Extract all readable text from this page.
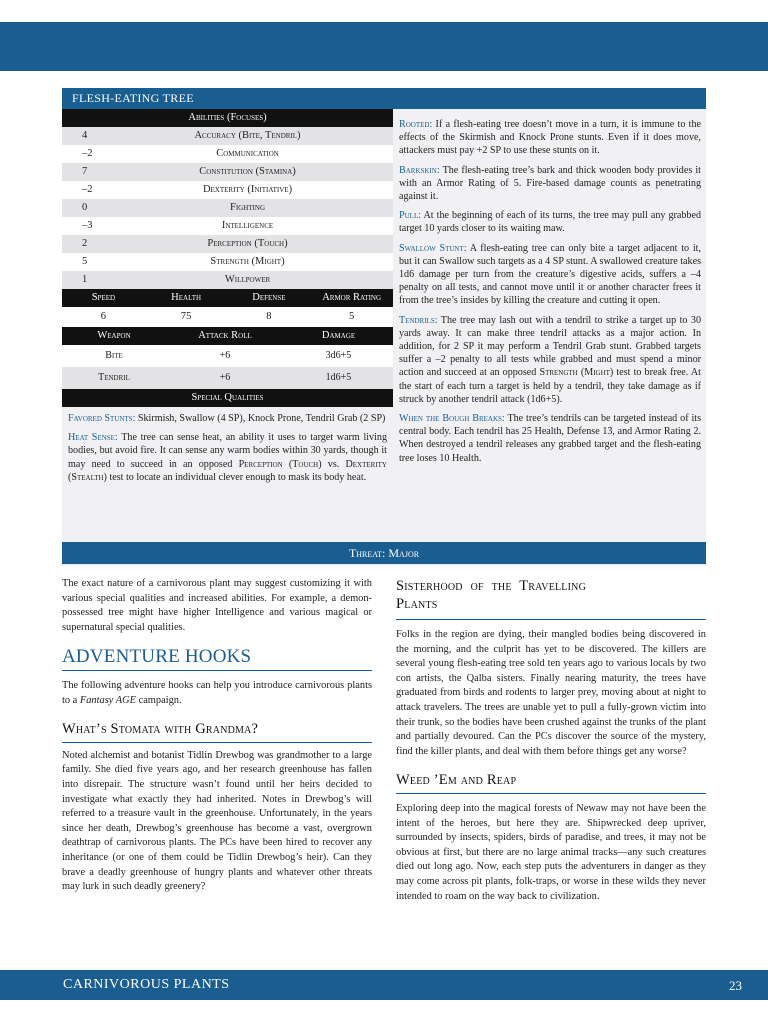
FLESH-EATING TREE
Abilities (Focuses)
4	Accuracy (Bite, Tendril)
–2	Communication
7	Constitution (Stamina)
–2	Dexterity (Initiative)
0	Fighting
–3	Intelligence
2	Perception (Touch)
5	Strength (Might)
1	Willpower
Speed	Health	Defense	Armor Rating
6	75	8	5
Weapon	Attack Roll	Damage
Bite	+6	3d6+5
Tendril	+6	1d6+5
Special Qualities

Favored Stunts: Skirmish, Swallow (4 SP), Knock Prone, Tendril Grab (2 SP)

Heat Sense: The tree can sense heat, an ability it uses to target warm living bodies, but avoid fire. It can sense any warm bodies within 30 yards, though it may need to succeed in an opposed Perception (Touch) vs. Dexterity (Stealth) test to locate an individual clever enough to mask its body heat.

Rooted: If a flesh-eating tree doesn’t move in a turn, it is immune to the effects of the Skirmish and Knock Prone stunts. Even if it does move, attackers must pay +2 SP to use these stunts on it.

Barkskin: The flesh-eating tree’s bark and thick wooden body provides it with an Armor Rating of 5. Fire-based damage counts as penetrating against it.

Pull: At the beginning of each of its turns, the tree may pull any grabbed target 10 yards closer to its waiting maw.

Swallow Stunt: A flesh-eating tree can only bite a target adjacent to it, but it can Swallow such targets as a 4 SP stunt. A swallowed creature takes 1d6 damage per turn from the creature’s digestive acids, suffers a –4 penalty on all tests, and cannot move until it or another character frees it from the tree’s insides by killing the creature and cutting it open.

Tendrils: The tree may lash out with a tendril to strike a target up to 30 yards away. It can make three tendril attacks as a major action. In addition, for 2 SP it may perform a Tendril Grab stunt. Grabbed targets suffer a –2 penalty to all tests while grabbed and must spend a minor action and succeed at an opposed Strength (Might) test to break free. At the start of each turn a target is held by a tendril, they take damage as if struck by another tendril attack (1d6+5).

When the Bough Breaks: The tree’s tendrils can be targeted instead of its central body. Each tendril has 25 Health, Defense 13, and Armor Rating 2. When destroyed a tendril releases any grabbed target and the flesh-eating tree loses 10 Health.

Threat: Major

The exact nature of a carnivorous plant may suggest customizing it with various special qualities and increased abilities. For example, a demon-possessed tree might have higher Intelligence and various magical or supernatural special qualities.

ADVENTURE HOOKS

The following adventure hooks can help you introduce carnivorous plants to a Fantasy AGE campaign.

What’s Stomata with Grandma?

Noted alchemist and botanist Tidlin Drewbog was grandmother to a large family. She died five years ago, and her research greenhouse has fallen into disrepair. The structure wasn’t found until her heirs decided to investigate what exactly they had inherited. Notes in Drewbog’s will referred to a treasure vault in the greenhouse. Unfortunately, in the years since her death, Drewbog’s greenhouse has become a vast, overgrown deathtrap of carnivorous plants. The PCs have been hired to recover any inheritance (or one of them could be Tidlin Drewbog’s heir). Can they brave a deadly greenhouse of hungry plants and whatever other threats may lurk in such deadly greenery?

Sisterhood of the Travelling Plants

Folks in the region are dying, their mangled bodies being discovered in the morning, and the culprit has yet to be discovered. The killers are several young flesh-eating tree sold ten years ago to various locals by two con artists, the Qalba sisters. Finally nearing maturity, the trees have graduated from birds and rodents to larger prey, moving about at night to attack travelers. The trees are unable yet to pull a fully-grown victim into their trunk, so the bodies have been crushed against the trunks of the plant and partially devoured. Can the PCs discover the source of the mystery, find the killer plants, and deal with them before things get any worse?

Weed ’Em and Reap

Exploring deep into the magical forests of Newaw may not have been the intent of the heroes, but here they are. Shipwrecked deep upriver, surrounded by insects, spiders, birds of paradise, and trees, it may not be obvious at first, but there are no large animal tracks—any such creatures died out long ago. Now, each step puts the adventurers in danger as they may come across pit plants, folk-traps, or worse in these wilds they never intended to roam on the way back to civilization.

CARNIVOROUS PLANTS	23
